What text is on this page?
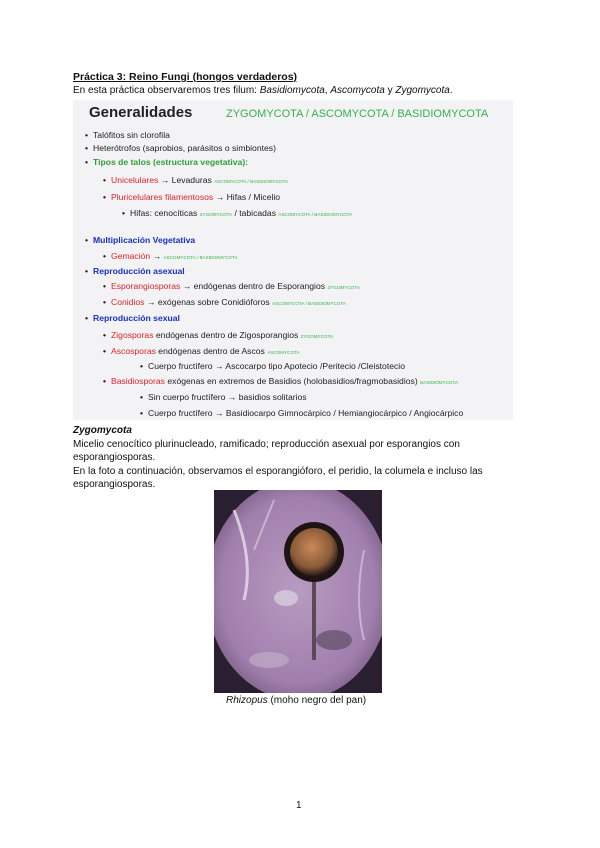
Práctica 3: Reino Fungi (hongos verdaderos)
En esta práctica observaremos tres filum: Basidiomycota, Ascomycota y Zygomycota.
Generalidades	ZYGOMYCOTA / ASCOMYCOTA / BASIDIOMYCOTA
• Talófitos sin clorofila
• Heterótrofos (saprobios, parásitos o simbiontes)
• Tipos de talos (estructura vegetativa):
• Unicelulares → Levaduras ASCOMYCOTA / BASIDIOMYCOTA
• Pluricelulares filamentosos → Hifas / Micelio
• Hifas: cenocíticas ZYGOMYCOTA / tabicadas ASCOMYCOTA / BASIDIOMYCOTA
• Multiplicación Vegetativa
• Gemación → ASCOMYCOTA / BASIDIOMYCOTA
• Reproducción asexual
• Esporangiosporas → endógenas dentro de Esporangios ZYGOMYCOTA
• Conidios → exógenas sobre Conidióforos ASCOMYCOTA / BASIDIOMYCOTA
• Reproducción sexual
• Zigosporas endógenas dentro de Zigosporangios ZYGOMYCOTA
• Ascosporas endógenas dentro de Ascos ASCOMYCOTA
• Cuerpo fructífero → Ascocarpo tipo Apotecio /Peritecio /Cleistotecio
• Basidiosporas exógenas en extremos de Basidios (holobasidios/fragmobasidios) BASIDIOMYCOTA
• Sin cuerpo fructífero → basidios solitarios
• Cuerpo fructífero → Basidiocarpo Gimnocárpico / Hemiangiocárpico / Angiocárpico
Zygomycota
Micelio cenocítico plurinucleado, ramificado; reproducción asexual por esporangios con esporangiosporas.
En la foto a continuación, observamos el esporangióforo, el peridio, la columela e incluso las esporangiosporas.
Rhizopus (moho negro del pan)
1
